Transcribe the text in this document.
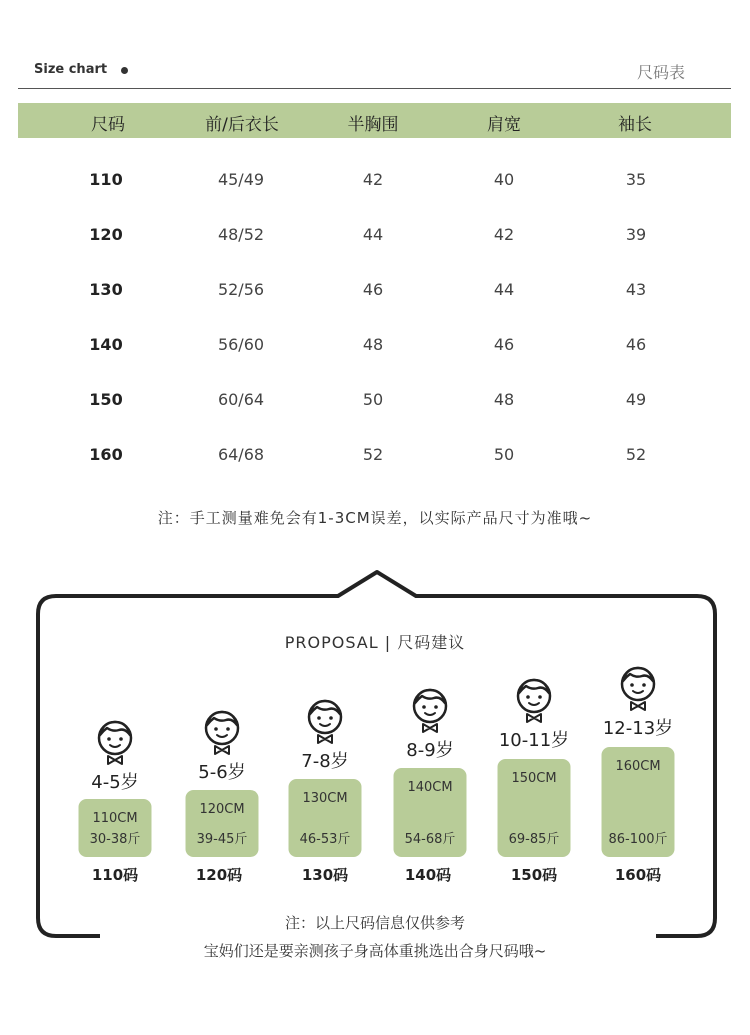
Size chart	尺码表
尺码	前/后衣长	半胸围	肩宽	袖长
110	45/49	42	40	35
120	48/52	44	42	39
130	52/56	46	44	43
140	56/60	48	46	46
150	60/64	50	48	49
160	64/68	52	50	52
注：手工测量难免会有1-3CM误差，以实际产品尺寸为准哦~
PROPOSAL | 尺码建议
4-5岁
110CM
30-38斤
110码
5-6岁
120CM
39-45斤
120码
7-8岁
130CM
46-53斤
130码
8-9岁
140CM
54-68斤
140码
10-11岁
150CM
69-85斤
150码
12-13岁
160CM
86-100斤
160码
注：以上尺码信息仅供参考
宝妈们还是要亲测孩子身高体重挑选出合身尺码哦~
